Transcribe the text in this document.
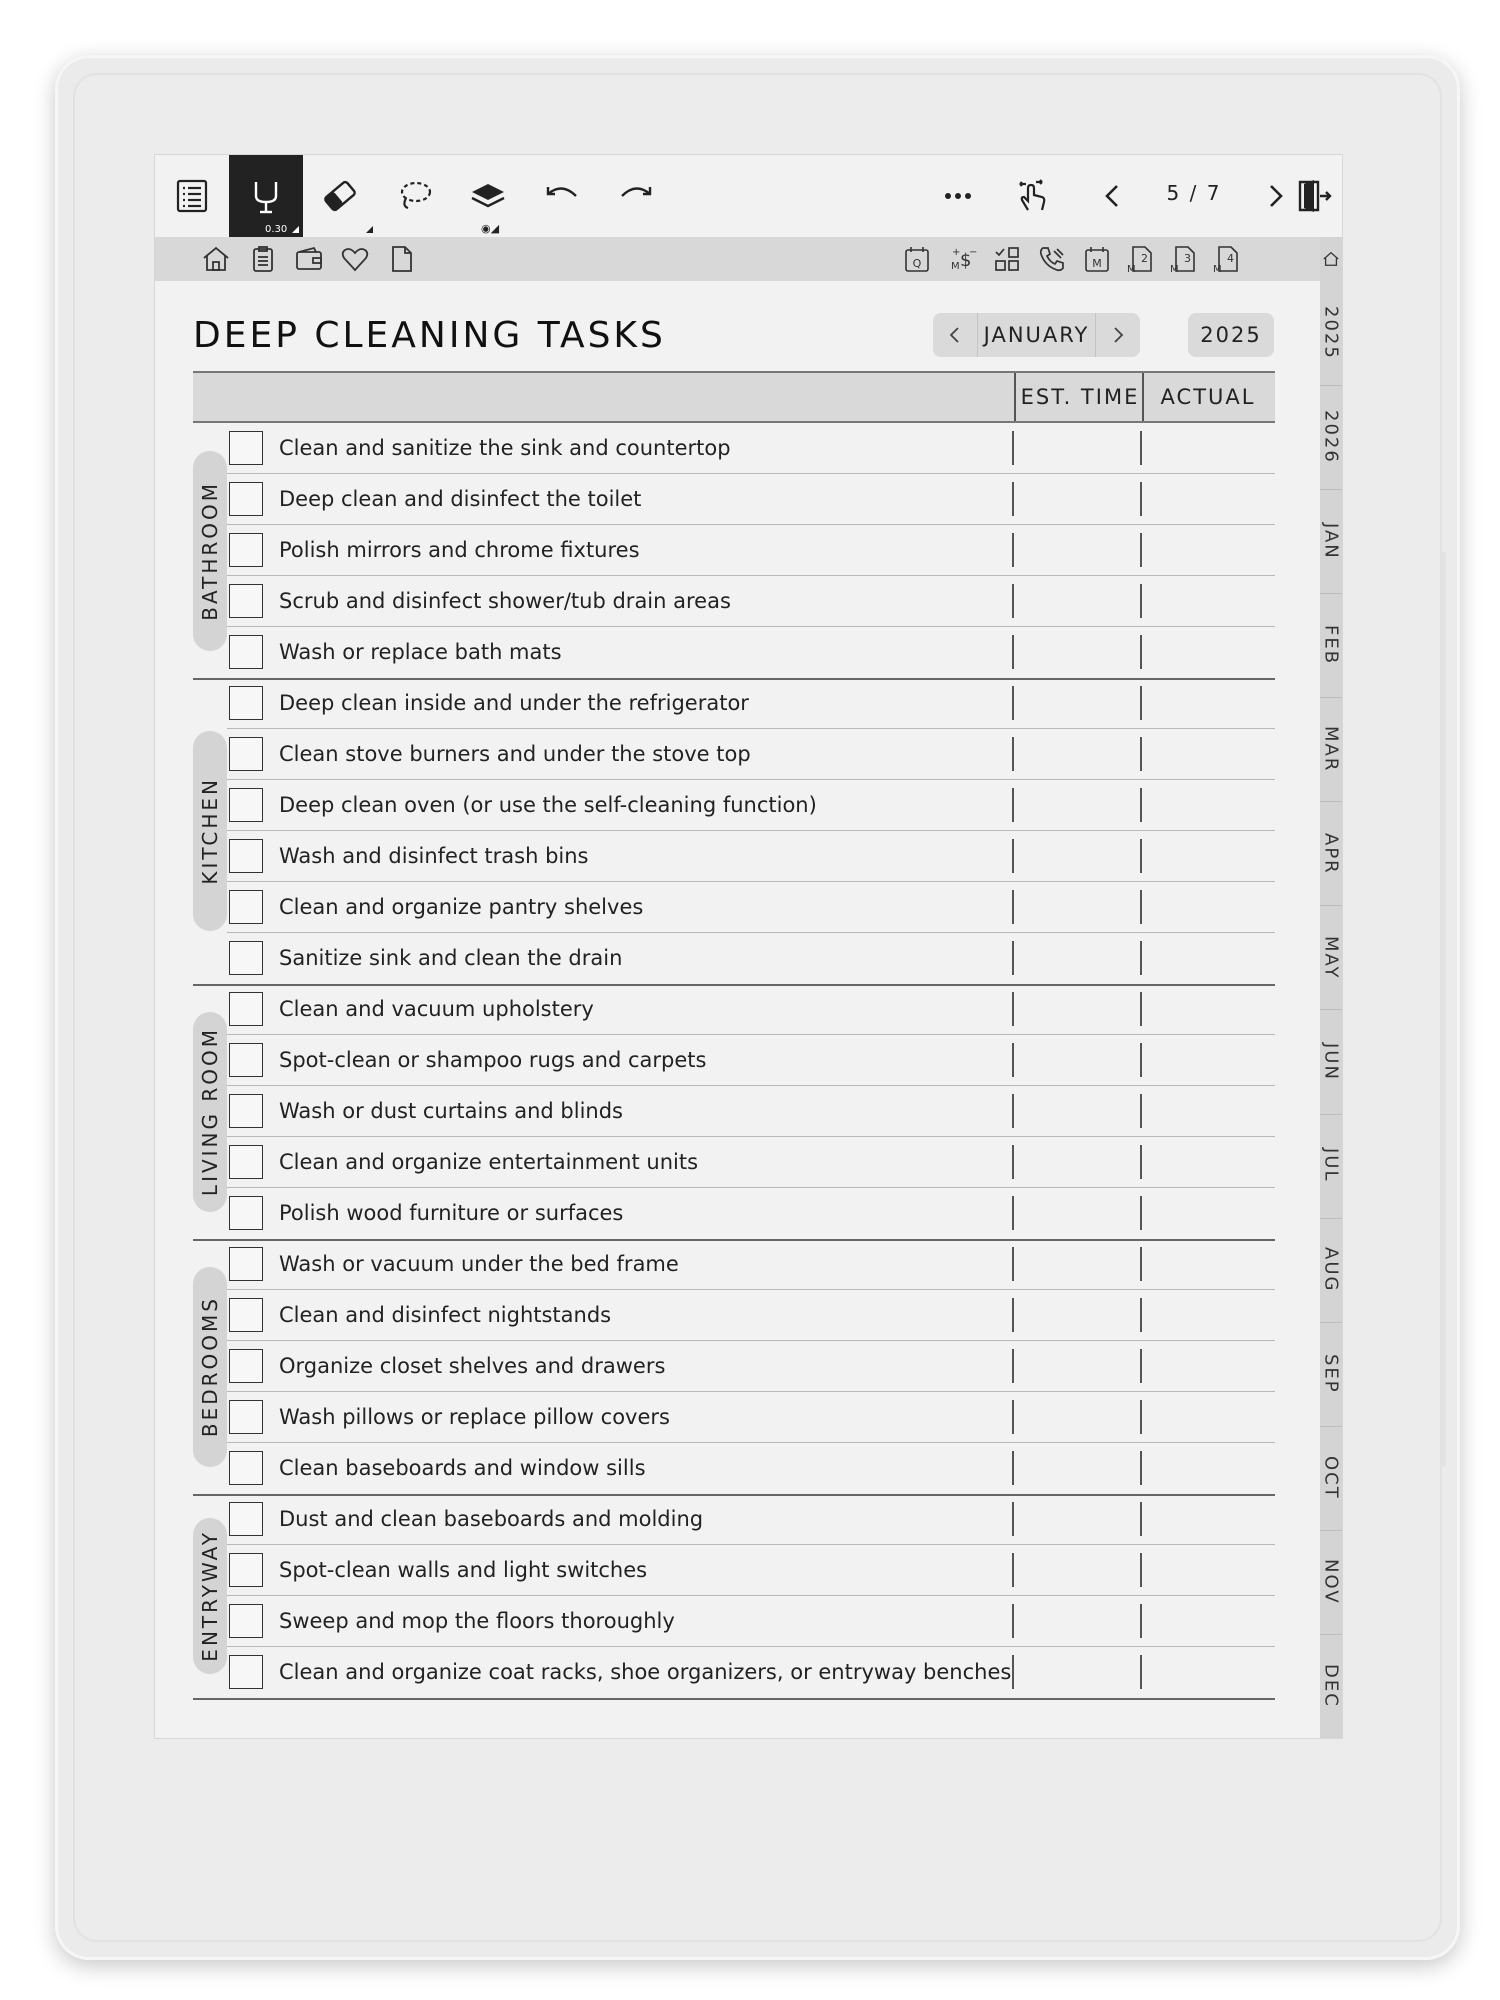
0.30	◉◢
5 / 7
Q	M $
+ −
M	2
M
3
M
4
M
2025
2026
JAN
FEB
MAR
APR
MAY
JUN
JUL
AUG
SEP
OCT
NOV
DEC
DEEP CLEANING TASKS	JANUARY	2025
EST. TIME	ACTUAL
BATHROOM
Clean and sanitize the sink and countertop
Deep clean and disinfect the toilet
Polish mirrors and chrome fixtures
Scrub and disinfect shower/tub drain areas
Wash or replace bath mats
KITCHEN
Deep clean inside and under the refrigerator
Clean stove burners and under the stove top
Deep clean oven (or use the self-cleaning function)
Wash and disinfect trash bins
Clean and organize pantry shelves
Sanitize sink and clean the drain
LIVING ROOM
Clean and vacuum upholstery
Spot-clean or shampoo rugs and carpets
Wash or dust curtains and blinds
Clean and organize entertainment units
Polish wood furniture or surfaces
BEDROOMS
Wash or vacuum under the bed frame
Clean and disinfect nightstands
Organize closet shelves and drawers
Wash pillows or replace pillow covers
Clean baseboards and window sills
ENTRYWAY
Dust and clean baseboards and molding
Spot-clean walls and light switches
Sweep and mop the floors thoroughly
Clean and organize coat racks, shoe organizers, or entryway benches
